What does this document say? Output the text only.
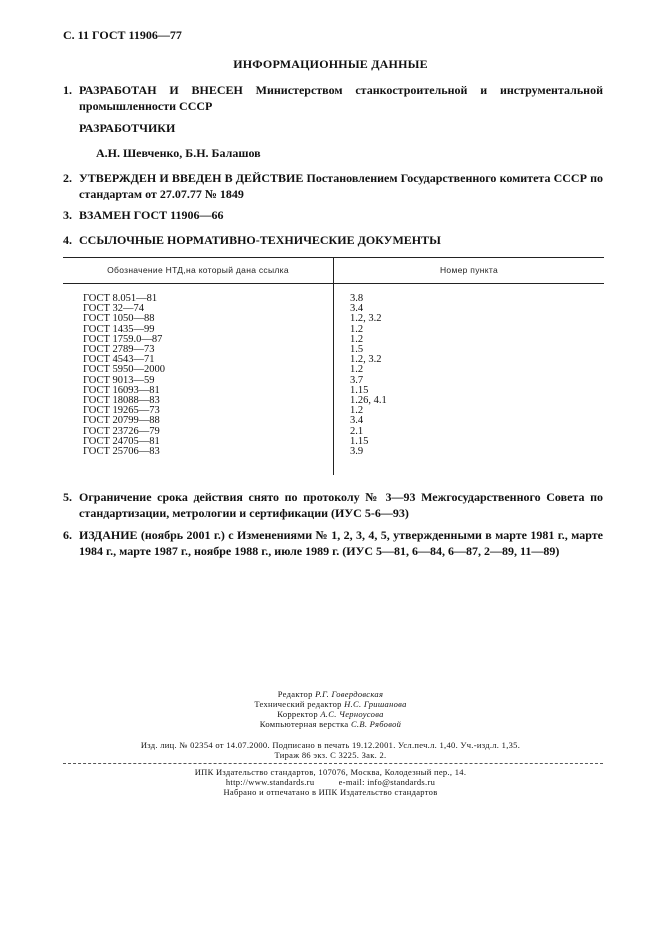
С. 11 ГОСТ 11906—77
ИНФОРМАЦИОННЫЕ ДАННЫЕ
1. РАЗРАБОТАН И ВНЕСЕН Министерством станкостроительной и инструментальной промышленности СССР
РАЗРАБОТЧИКИ
А.Н. Шевченко, Б.Н. Балашов
2. УТВЕРЖДЕН И ВВЕДЕН В ДЕЙСТВИЕ Постановлением Государственного комитета СССР по стандартам от 27.07.77 № 1849
3. ВЗАМЕН ГОСТ 11906—66
4. ССЫЛОЧНЫЕ НОРМАТИВНО-ТЕХНИЧЕСКИЕ ДОКУМЕНТЫ
Обозначение НТД,на который дана ссылка	Номер пункта
ГОСТ 8.051—81
ГОСТ 32—74
ГОСТ 1050—88
ГОСТ 1435—99
ГОСТ 1759.0—87
ГОСТ 2789—73
ГОСТ 4543—71
ГОСТ 5950—2000
ГОСТ 9013—59
ГОСТ 16093—81
ГОСТ 18088—83
ГОСТ 19265—73
ГОСТ 20799—88
ГОСТ 23726—79
ГОСТ 24705—81
ГОСТ 25706—83
3.8
3.4
1.2, 3.2
1.2
1.2
1.5
1.2, 3.2
1.2
3.7
1.15
1.26, 4.1
1.2
3.4
2.1
1.15
3.9
5. Ограничение срока действия снято по протоколу № 3—93 Межгосударственного Совета по стандартизации, метрологии и сертификации (ИУС 5-6—93)
6. ИЗДАНИЕ (ноябрь 2001 г.) с Изменениями № 1, 2, 3, 4, 5, утвержденными в марте 1981 г., марте 1984 г., марте 1987 г., ноябре 1988 г., июле 1989 г. (ИУС 5—81, 6—84, 6—87, 2—89, 11—89)
Редактор Р.Г. Говердовская
Технический редактор Н.С. Гришанова
Корректор А.С. Черноусова
Компьютерная верстка С.В. Рябовой
Изд. лиц. № 02354 от 14.07.2000. Подписано в печать 19.12.2001. Усл.печ.л. 1,40. Уч.-изд.л. 1,35.
Тираж 86 экз. С 3225. Зак. 2.
ИПК Издательство стандартов, 107076, Москва, Колодезный пер., 14.
http://www.standards.ru          e-mail: info@standards.ru
Набрано и отпечатано в ИПК Издательство стандартов
